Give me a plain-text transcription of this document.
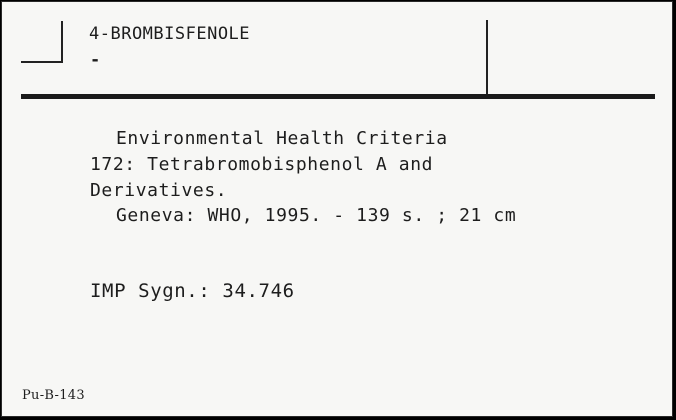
4-BROMBISFENOLE
-
Environmental Health Criteria
172: Tetrabromobisphenol A and
Derivatives.
Geneva: WHO, 1995. - 139 s. ; 21 cm
IMP Sygn.: 34.746
Pu-B-143
